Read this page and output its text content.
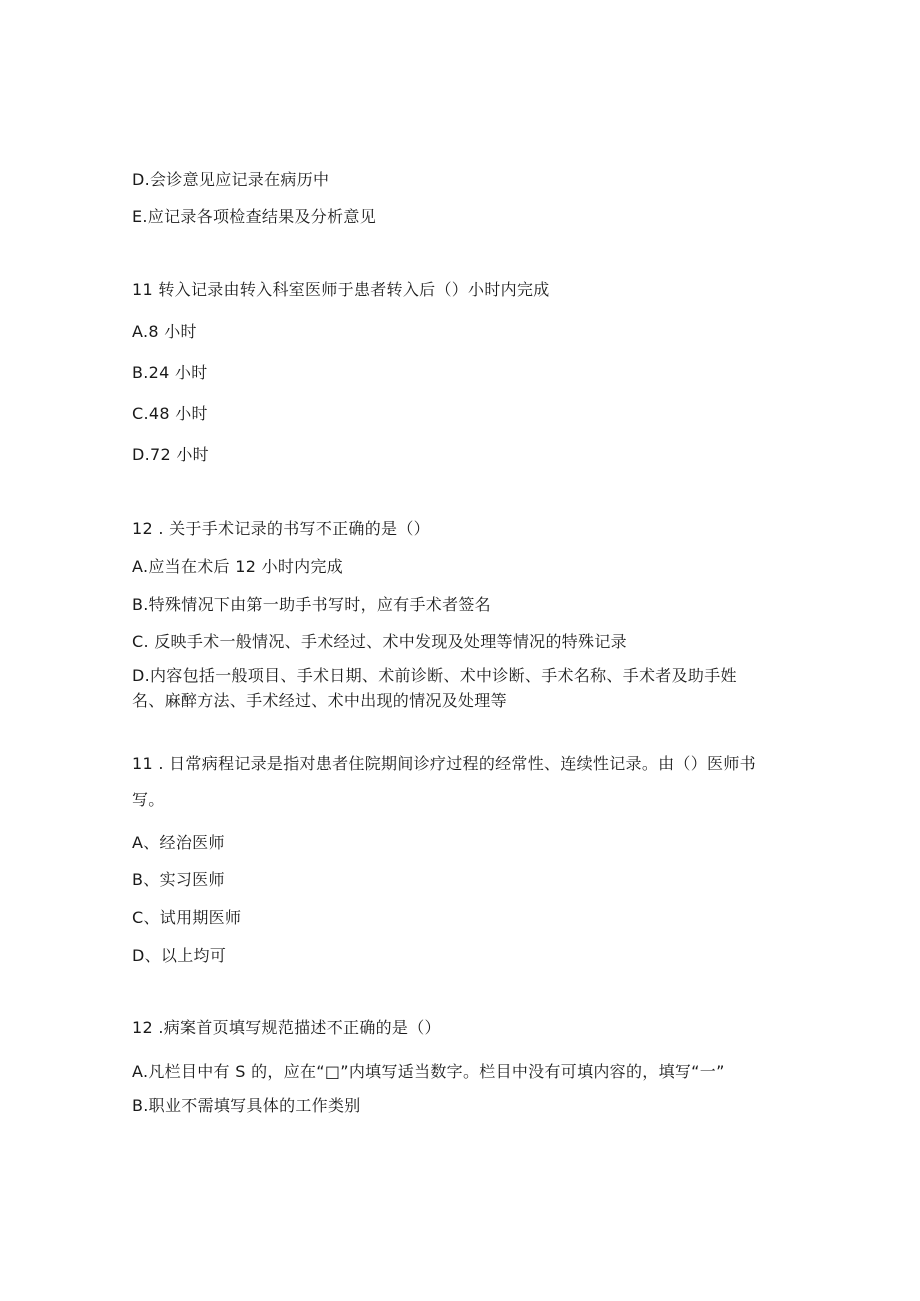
D.会诊意见应记录在病历中
E.应记录各项检查结果及分析意见
11 转入记录由转入科室医师于患者转入后（）小时内完成
A.8 小时
B.24 小时
C.48 小时
D.72 小时
12 . 关于手术记录的书写不正确的是（）
A.应当在术后 12 小时内完成
B.特殊情况下由第一助手书写时，应有手术者签名
C. 反映手术一般情况、手术经过、术中发现及处理等情况的特殊记录
D.内容包括一般项目、手术日期、术前诊断、术中诊断、手术名称、手术者及助手姓
名、麻醉方法、手术经过、术中出现的情况及处理等
11 . 日常病程记录是指对患者住院期间诊疗过程的经常性、连续性记录。由（）医师书
写。
A、经治医师
B、实习医师
C、试用期医师
D、以上均可
12 .病案首页填写规范描述不正确的是（）
A.凡栏目中有 S 的，应在“□”内填写适当数字。栏目中没有可填内容的，填写“一”
B.职业不需填写具体的工作类别
